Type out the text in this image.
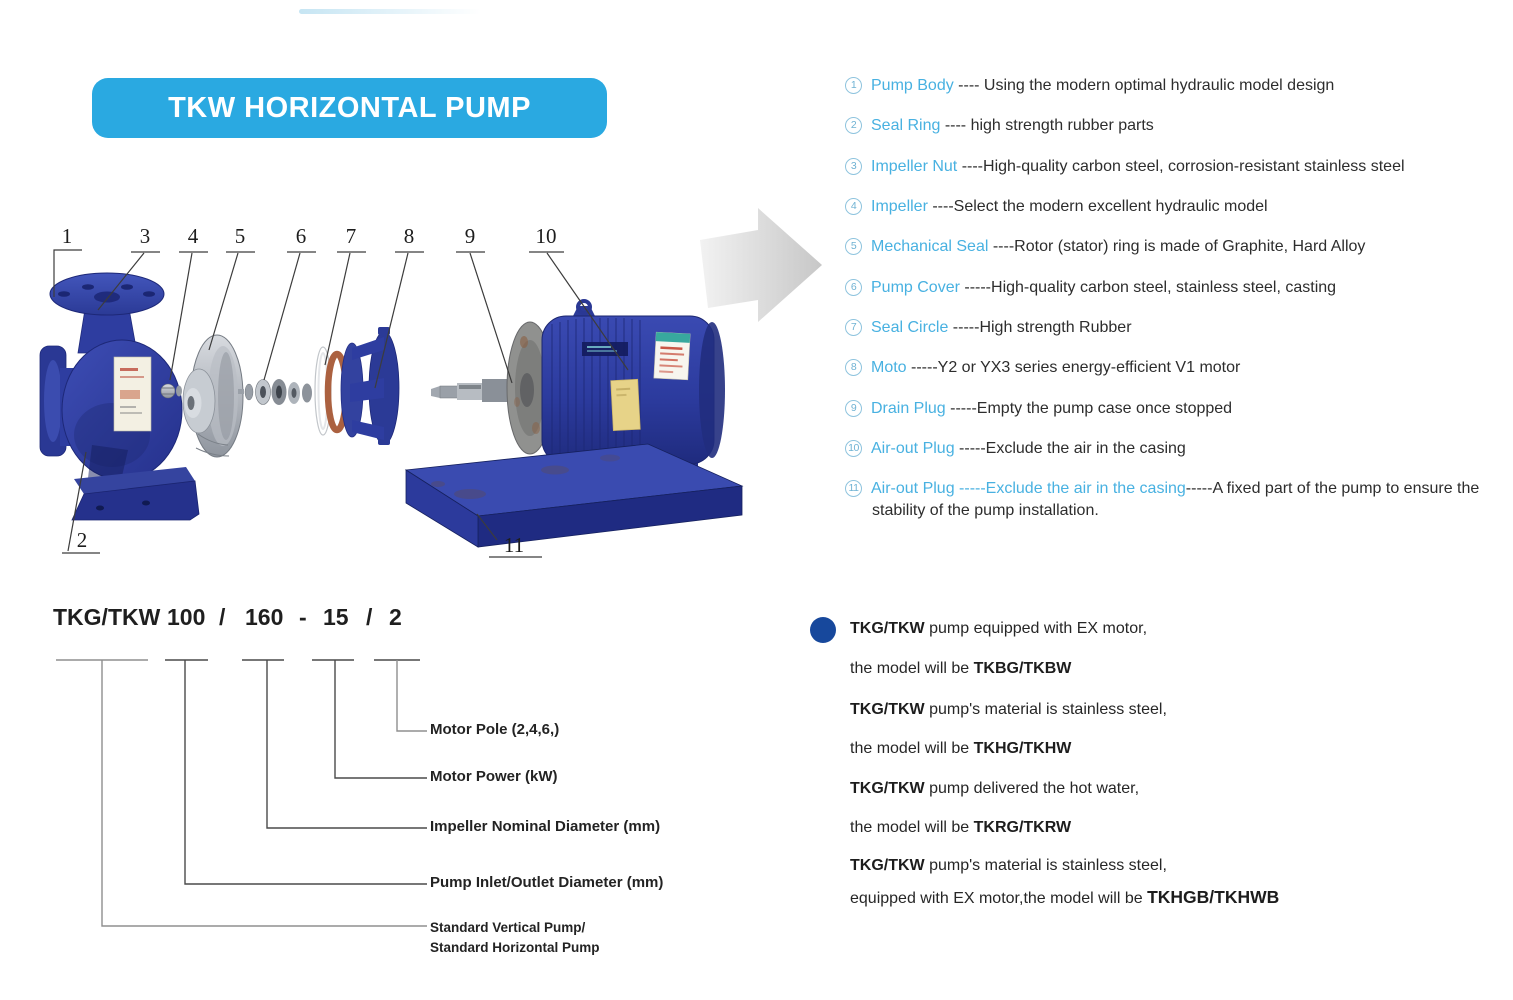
TKW HORIZONTAL PUMP
1	3 4 5 6 7 8 9	10
2	11
1 Pump Body ---- Using the modern optimal hydraulic model design
2 Seal Ring ---- high strength rubber parts
3 Impeller Nut ----High-quality carbon steel, corrosion-resistant stainless steel
4 Impeller ----Select the modern excellent hydraulic model
5 Mechanical Seal ----Rotor (stator) ring is made of Graphite, Hard Alloy
6 Pump Cover -----High-quality carbon steel, stainless steel, casting
7 Seal Circle -----High strength Rubber
8 Moto -----Y2 or YX3 series energy-efficient V1 motor
9 Drain Plug -----Empty the pump case once stopped
10 Air-out Plug -----Exclude the air in the casing
11 Air-out Plug -----Exclude the air in the casing-----A fixed part of the pump to ensure the stability of the pump installation.
TKG/TKW 100 / 160 - 15 / 2
Motor Pole (2,4,6,)
Motor Power (kW)
Impeller Nominal Diameter (mm)
Pump Inlet/Outlet Diameter (mm)
Standard Vertical Pump/
Standard Horizontal Pump
TKG/TKW pump equipped with EX motor,
the model will be TKBG/TKBW
TKG/TKW pump's material is stainless steel,
the model will be TKHG/TKHW
TKG/TKW pump delivered the hot water,
the model will be TKRG/TKRW
TKG/TKW pump's material is stainless steel,
equipped with EX motor,the model will be TKHGB/TKHWB
